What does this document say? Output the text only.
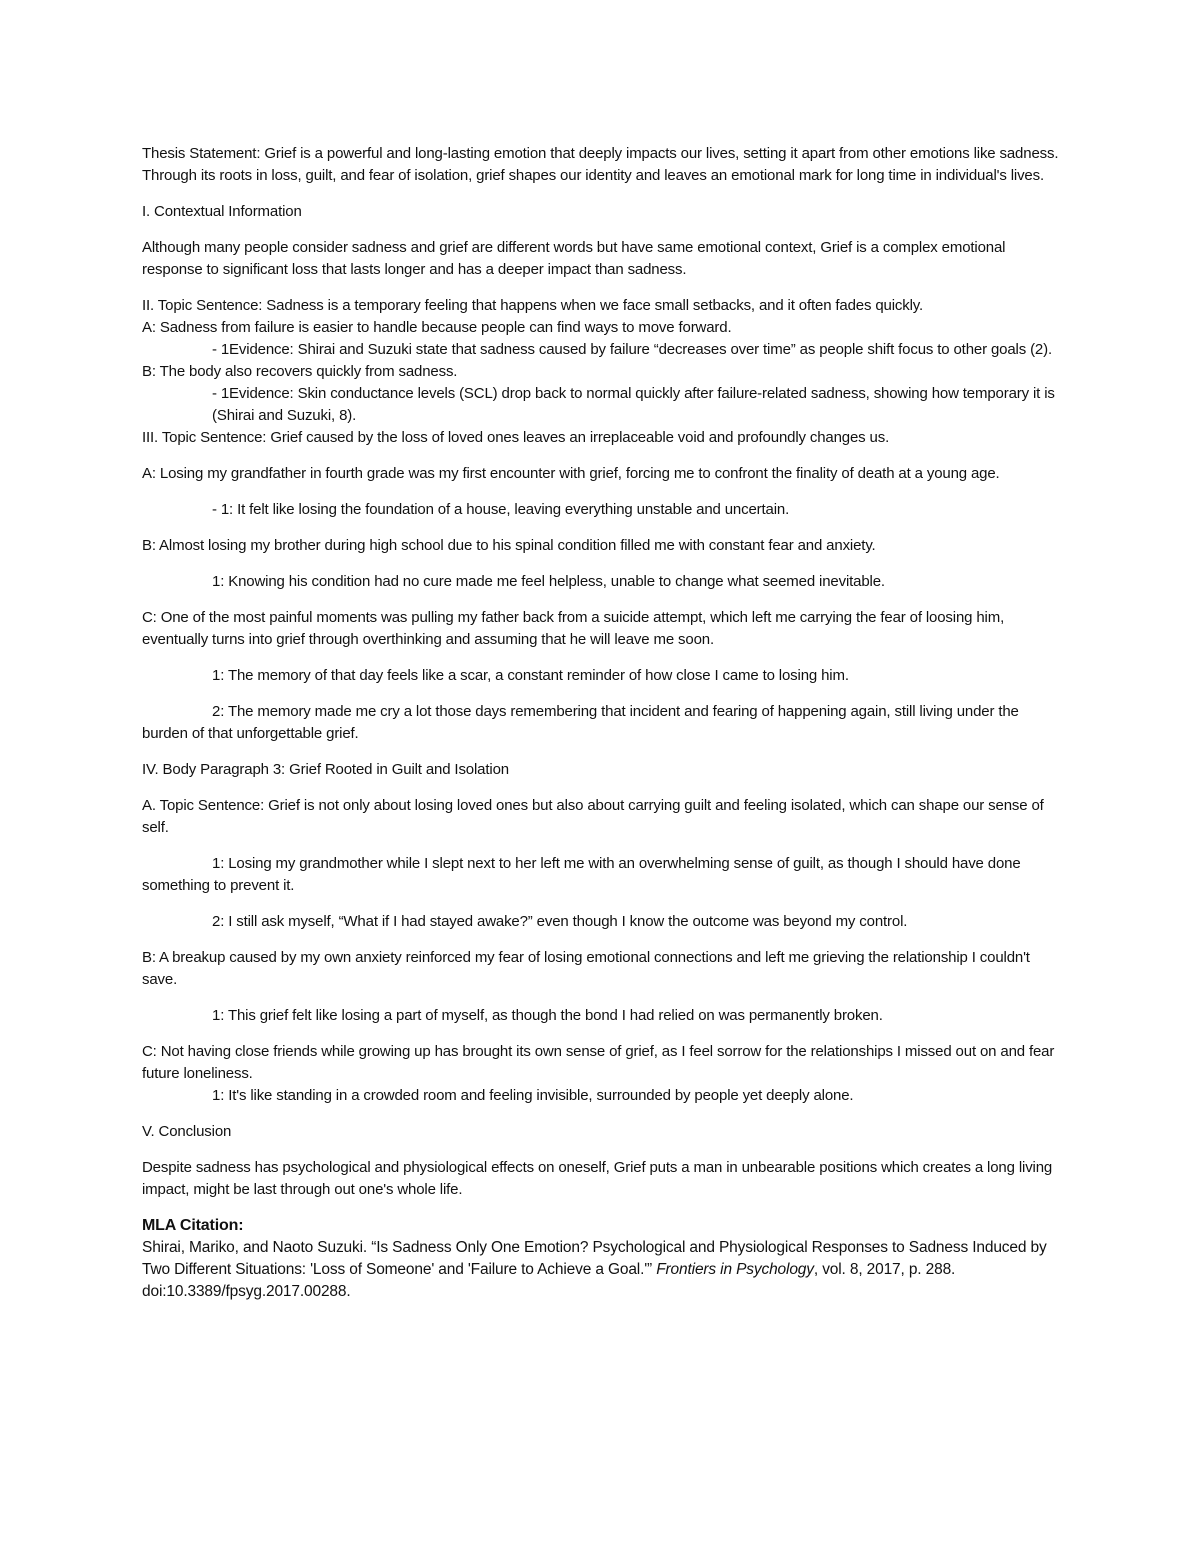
Thesis Statement: Grief is a powerful and long-lasting emotion that deeply impacts our lives, setting it apart from other emotions like sadness. Through its roots in loss, guilt, and fear of isolation, grief shapes our identity and leaves an emotional mark for long time in individual's lives.

I. Contextual Information

Although many people consider sadness and grief are different words but have same emotional context, Grief is a complex emotional response to significant loss that lasts longer and has a deeper impact than sadness.

II. Topic Sentence: Sadness is a temporary feeling that happens when we face small setbacks, and it often fades quickly.

A: Sadness from failure is easier to handle because people can find ways to move forward.

- 1Evidence: Shirai and Suzuki state that sadness caused by failure “decreases over time” as people shift focus to other goals (2).

B: The body also recovers quickly from sadness.

- 1Evidence: Skin conductance levels (SCL) drop back to normal quickly after failure-related sadness, showing how temporary it is (Shirai and Suzuki, 8).

III. Topic Sentence: Grief caused by the loss of loved ones leaves an irreplaceable void and profoundly changes us.

A: Losing my grandfather in fourth grade was my first encounter with grief, forcing me to confront the finality of death at a young age.

- 1: It felt like losing the foundation of a house, leaving everything unstable and uncertain.

B: Almost losing my brother during high school due to his spinal condition filled me with constant fear and anxiety.

1: Knowing his condition had no cure made me feel helpless, unable to change what seemed inevitable.

C: One of the most painful moments was pulling my father back from a suicide attempt, which left me carrying the fear of loosing him, eventually turns into grief through overthinking and assuming that he will leave me soon.

1: The memory of that day feels like a scar, a constant reminder of how close I came to losing him.

2: The memory made me cry a lot those days remembering that incident and fearing of happening again, still living under the burden of that unforgettable grief.

IV. Body Paragraph 3: Grief Rooted in Guilt and Isolation

A. Topic Sentence: Grief is not only about losing loved ones but also about carrying guilt and feeling isolated, which can shape our sense of self.

1: Losing my grandmother while I slept next to her left me with an overwhelming sense of guilt, as though I should have done something to prevent it.

2: I still ask myself, “What if I had stayed awake?” even though I know the outcome was beyond my control.

B: A breakup caused by my own anxiety reinforced my fear of losing emotional connections and left me grieving the relationship I couldn't save.

1: This grief felt like losing a part of myself, as though the bond I had relied on was permanently broken.

C: Not having close friends while growing up has brought its own sense of grief, as I feel sorrow for the relationships I missed out on and fear future loneliness.

1: It's like standing in a crowded room and feeling invisible, surrounded by people yet deeply alone.

V. Conclusion

Despite sadness has psychological and physiological effects on oneself, Grief puts a man in unbearable positions which creates a long living impact, might be last through out one's whole life.

MLA Citation:

Shirai, Mariko, and Naoto Suzuki. “Is Sadness Only One Emotion? Psychological and Physiological Responses to Sadness Induced by Two Different Situations: 'Loss of Someone' and 'Failure to Achieve a Goal.'” Frontiers in Psychology, vol. 8, 2017, p. 288. doi:10.3389/fpsyg.2017.00288.
